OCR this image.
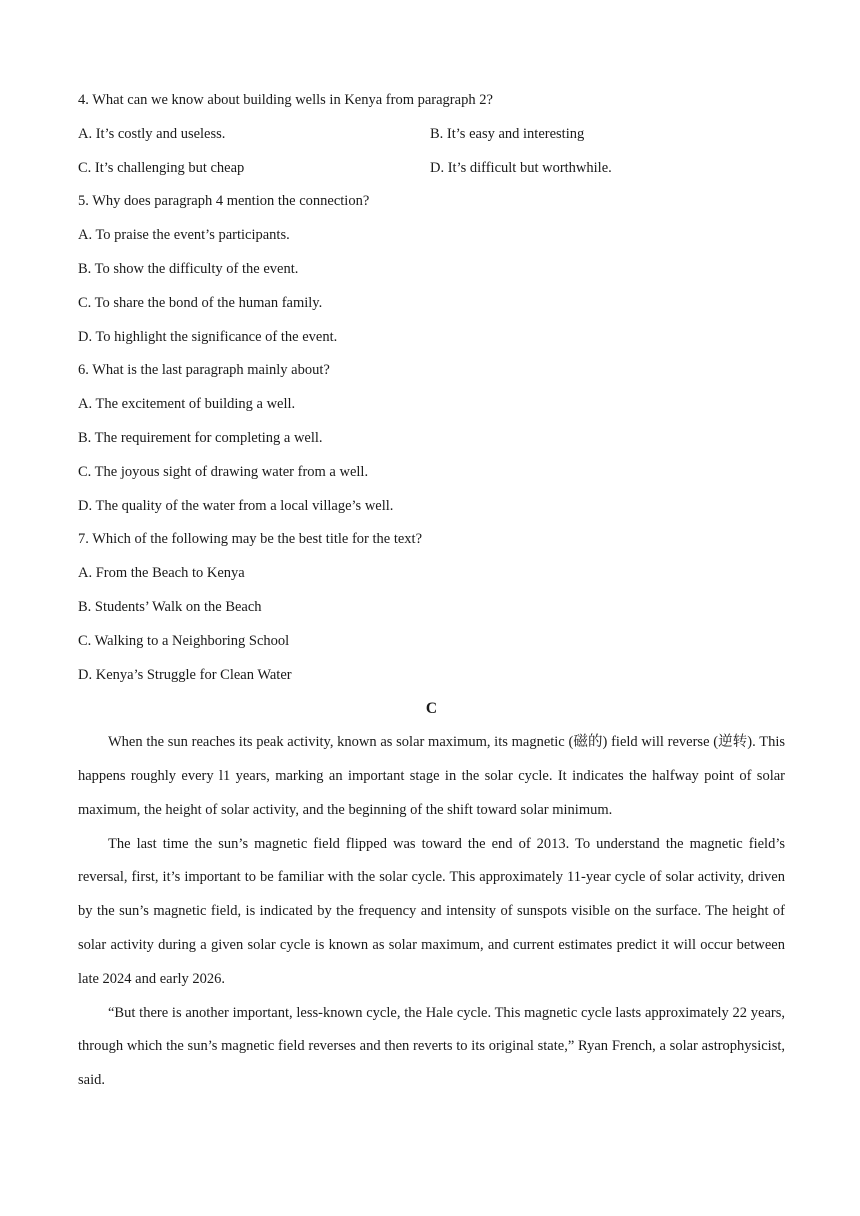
4. What can we know about building wells in Kenya from paragraph 2?
A. It’s costly and useless.	B. It’s easy and interesting
C. It’s challenging but cheap	D. It’s difficult but worthwhile.
5. Why does paragraph 4 mention the connection?
A. To praise the event’s participants.
B. To show the difficulty of the event.
C. To share the bond of the human family.
D. To highlight the significance of the event.
6. What is the last paragraph mainly about?
A. The excitement of building a well.
B. The requirement for completing a well.
C. The joyous sight of drawing water from a well.
D. The quality of the water from a local village’s well.
7. Which of the following may be the best title for the text?
A. From the Beach to Kenya
B. Students’ Walk on the Beach
C. Walking to a Neighboring School
D. Kenya’s Struggle for Clean Water
C

When the sun reaches its peak activity, known as solar maximum, its magnetic (磁的) field will reverse (逆转). This happens roughly every l1 years, marking an important stage in the solar cycle. It indicates the halfway point of solar maximum, the height of solar activity, and the beginning of the shift toward solar minimum.

The last time the sun’s magnetic field flipped was toward the end of 2013. To understand the magnetic field’s reversal, first, it’s important to be familiar with the solar cycle. This approximately 11-year cycle of solar activity, driven by the sun’s magnetic field, is indicated by the frequency and intensity of sunspots visible on the surface. The height of solar activity during a given solar cycle is known as solar maximum, and current estimates predict it will occur between late 2024 and early 2026.

“But there is another important, less-known cycle, the Hale cycle. This magnetic cycle lasts approximately 22 years, through which the sun’s magnetic field reverses and then reverts to its original state,” Ryan French, a solar astrophysicist, said.
